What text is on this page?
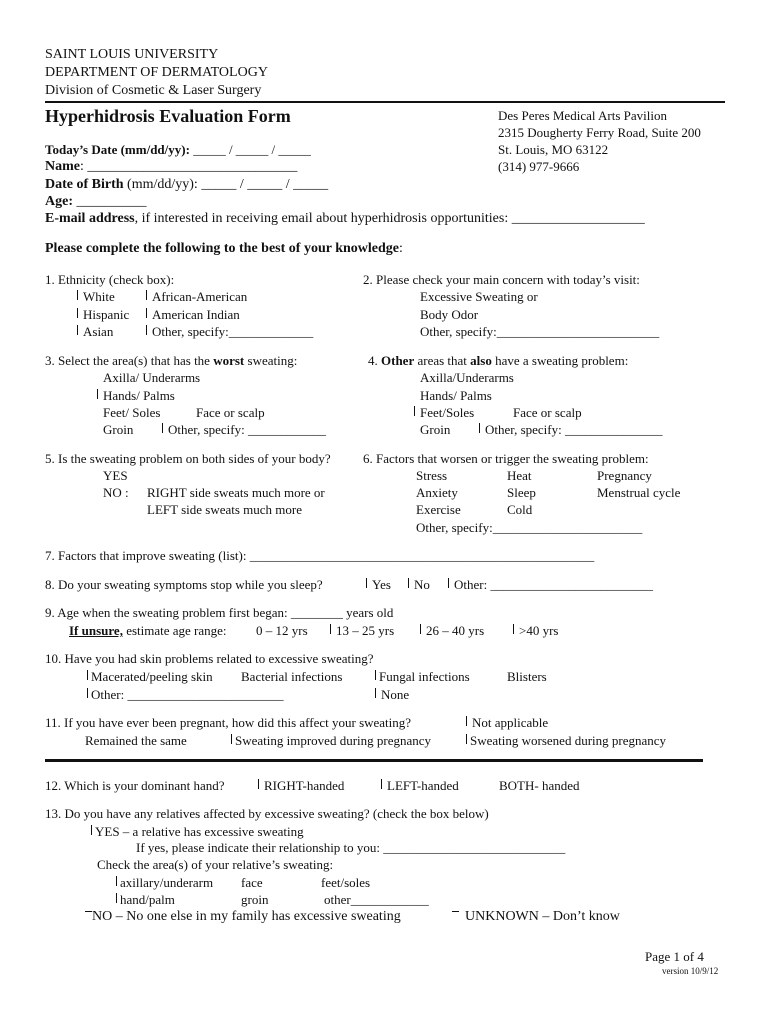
SAINT LOUIS UNIVERSITY
DEPARTMENT OF DERMATOLOGY
Division of Cosmetic & Laser Surgery
Hyperhidrosis Evaluation Form	Des Peres Medical Arts Pavilion
2315 Dougherty Ferry Road, Suite 200
St. Louis, MO 63122
(314) 977-9666
Today’s Date (mm/dd/yy): _____ / _____ / _____
Name: ______________________________
Date of Birth (mm/dd/yy): _____ / _____ / _____
Age: __________
E-mail address, if interested in receiving email about hyperhidrosis opportunities: ___________________
Please complete the following to the best of your knowledge:
1. Ethnicity (check box):
White	African-American
Hispanic American Indian
Asian	Other, specify:_____________
2. Please check your main concern with today’s visit:
Excessive Sweating or
Body Odor
Other, specify:_________________________
3. Select the area(s) that has the worst sweating:
Axilla/ Underarms
Hands/ Palms
Feet/ Soles	Face or scalp
Groin	Other, specify: ____________
4. Other areas that also have a sweating problem:
Axilla/Underarms
Hands/ Palms
Feet/Soles	Face or scalp
Groin	Other, specify: _______________
5. Is the sweating problem on both sides of your body?
YES
NO : RIGHT side sweats much more or
LEFT side sweats much more
6. Factors that worsen or trigger the sweating problem:
Stress	Heat	Pregnancy
Anxiety	Sleep	Menstrual cycle
Exercise	Cold
Other, specify:_______________________
7. Factors that improve sweating (list): _____________________________________________________
8. Do your sweating symptoms stop while you sleep?	Yes No Other: _________________________
9. Age when the sweating problem first began: ________ years old
If unsure, estimate age range: 0 – 12 yrs 13 – 25 yrs 26 – 40 yrs	>40 yrs
10. Have you had skin problems related to excessive sweating?
Macerated/peeling skin Bacterial infections	Fungal infections	Blisters
Other: ________________________	None
11. If you have ever been pregnant, how did this affect your sweating?	Not applicable
Remained the same	Sweating improved during pregnancy	Sweating worsened during pregnancy
12. Which is your dominant hand?	RIGHT-handed	LEFT-handed	BOTH- handed
13. Do you have any relatives affected by excessive sweating? (check the box below)
YES – a relative has excessive sweating
If yes, please indicate their relationship to you: ____________________________
Check the area(s) of your relative’s sweating:
axillary/underarm face	feet/soles
hand/palm	groin	other____________
NO – No one else in my family has excessive sweating	UNKNOWN – Don’t know
Page 1 of 4
version 10/9/12
